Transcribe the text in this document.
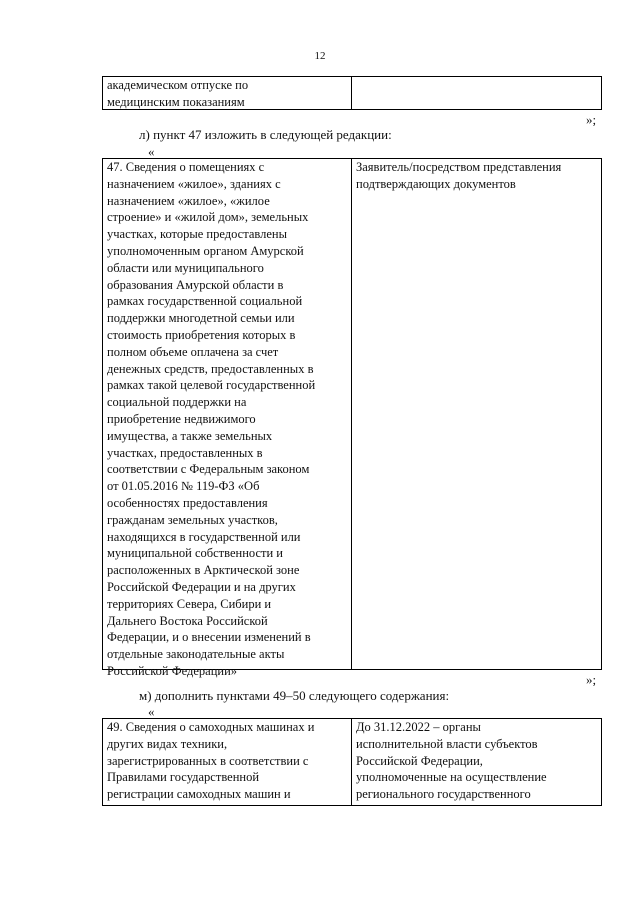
12
академическом отпуске по
медицинским показаниям
»;
л) пункт 47 изложить в следующей редакции:
«
47. Сведения о помещениях с
назначением «жилое», зданиях с
назначением «жилое», «жилое
строение» и «жилой дом», земельных
участках, которые предоставлены
уполномоченным органом Амурской
области или муниципального
образования Амурской области в
рамках государственной социальной
поддержки многодетной семьи или
стоимость приобретения которых в
полном объеме оплачена за счет
денежных средств, предоставленных в
рамках такой целевой государственной
социальной поддержки на
приобретение недвижимого
имущества, а также земельных
участках, предоставленных в
соответствии с Федеральным законом
от 01.05.2016 № 119-ФЗ «Об
особенностях предоставления
гражданам земельных участков,
находящихся в государственной или
муниципальной собственности и
расположенных в Арктической зоне
Российской Федерации и на других
территориях Севера, Сибири и
Дальнего Востока Российской
Федерации, и о внесении изменений в
отдельные законодательные акты
Российской Федерации»
Заявитель/посредством представления
подтверждающих документов
»;
м) дополнить пунктами 49–50 следующего содержания:
«
49. Сведения о самоходных машинах и
других видах техники,
зарегистрированных в соответствии с
Правилами государственной
регистрации самоходных машин и
До 31.12.2022 – органы
исполнительной власти субъектов
Российской Федерации,
уполномоченные на осуществление
регионального государственного
